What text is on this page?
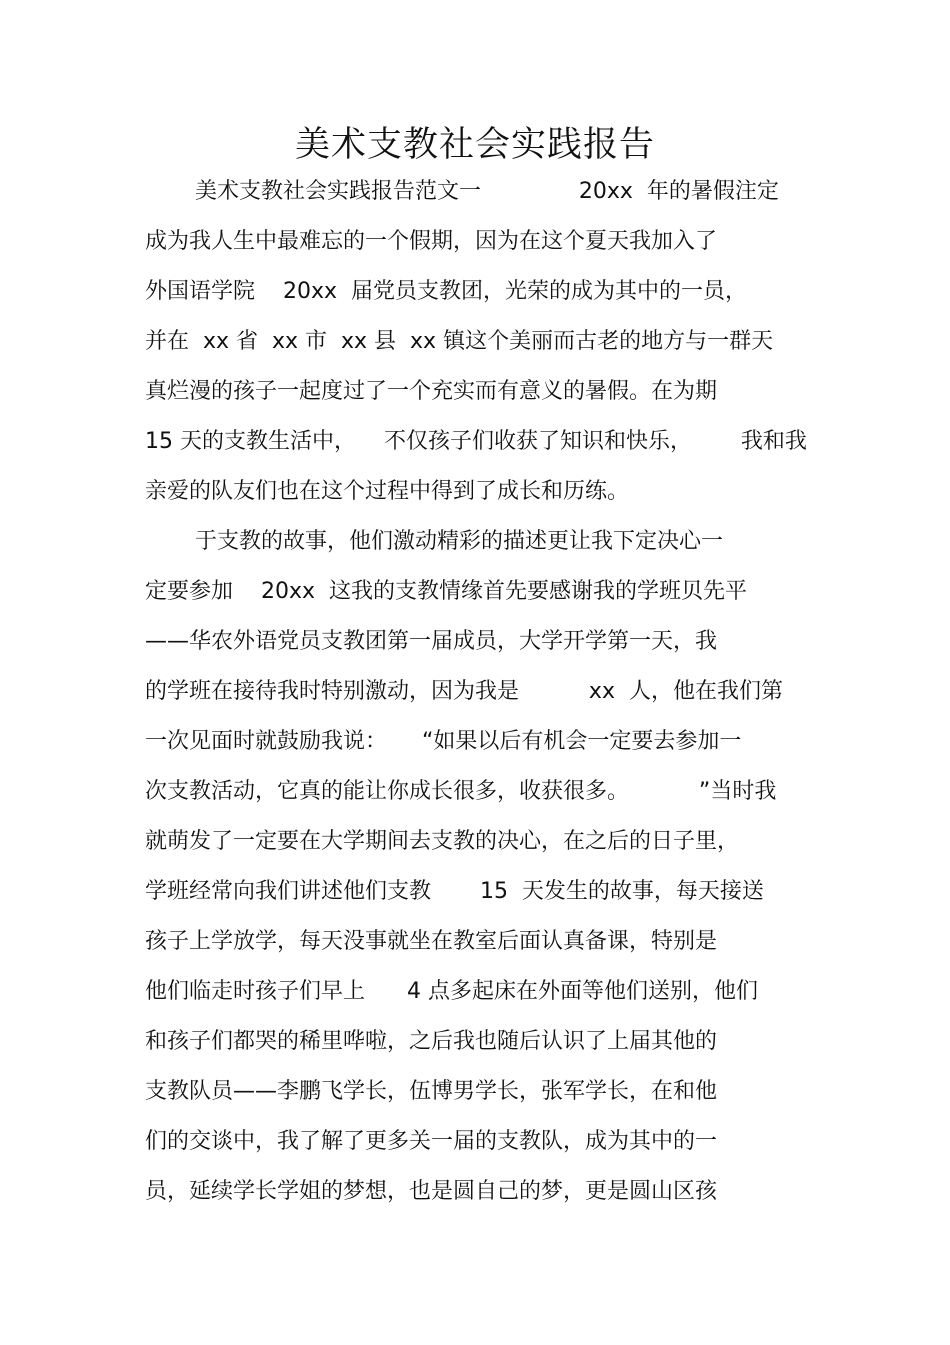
美术支教社会实践报告
美术支教社会实践报告范文一              20xx  年的暑假注定
成为我人生中最难忘的一个假期，因为在这个夏天我加入了
外国语学院    20xx  届党员支教团，光荣的成为其中的一员，
并在  xx 省  xx 市  xx 县  xx 镇这个美丽而古老的地方与一群天
真烂漫的孩子一起度过了一个充实而有意义的暑假。在为期
15 天的支教生活中，    不仅孩子们收获了知识和快乐，       我和我
亲爱的队友们也在这个过程中得到了成长和历练。
于支教的故事，他们激动精彩的描述更让我下定决心一
定要参加    20xx  这我的支教情缘首先要感谢我的学班贝先平
——华农外语党员支教团第一届成员，大学开学第一天，我
的学班在接待我时特别激动，因为我是          xx  人，他在我们第
一次见面时就鼓励我说：     “如果以后有机会一定要去参加一
次支教活动，它真的能让你成长很多，收获很多。          ”当时我
就萌发了一定要在大学期间去支教的决心，在之后的日子里，
学班经常向我们讲述他们支教       15  天发生的故事，每天接送
孩子上学放学，每天没事就坐在教室后面认真备课，特别是
他们临走时孩子们早上      4 点多起床在外面等他们送别，他们
和孩子们都哭的稀里哗啦，之后我也随后认识了上届其他的
支教队员——李鹏飞学长，伍博男学长，张军学长，在和他
们的交谈中，我了解了更多关一届的支教队，成为其中的一
员，延续学长学姐的梦想，也是圆自己的梦，更是圆山区孩
